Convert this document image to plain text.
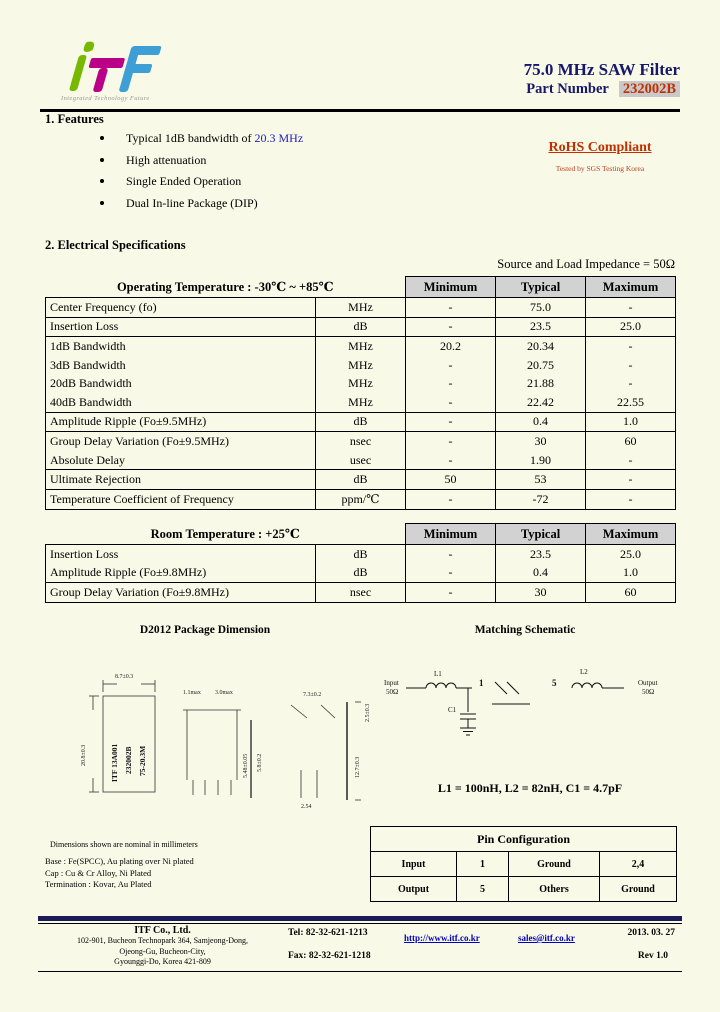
Integrated Technology Future
75.0 MHz SAW Filter
Part Number 232002B
1. Features
Typical 1dB bandwidth of 20.3 MHz
High attenuation
Single Ended Operation
Dual In-line Package (DIP)
RoHS Compliant
Tested by SGS Testing Korea
2. Electrical Specifications
Source and Load Impedance = 50Ω
Operating Temperature : -30℃ ~ +85℃		Minimum	Typical	Maximum
Center Frequency (fo)	MHz	-	75.0	-
Insertion Loss	dB	-	23.5	25.0
1dB Bandwidth	MHz	20.2	20.34	-
3dB Bandwidth	MHz	-	20.75	-
20dB Bandwidth	MHz	-	21.88	-
40dB Bandwidth	MHz	-	22.42	22.55
Amplitude Ripple (Fo±9.5MHz)	dB	-	0.4	1.0
Group Delay Variation (Fo±9.5MHz)	nsec	-	30	60
Absolute Delay	usec	-	1.90	-
Ultimate Rejection	dB	50	53	-
Temperature Coefficient of Frequency	ppm/℃	-	-72	-
Room Temperature : +25℃		Minimum	Typical	Maximum
Insertion Loss	dB	-	23.5	25.0
Amplitude Ripple (Fo±9.8MHz)	dB	-	0.4	1.0
Group Delay Variation (Fo±9.8MHz)	nsec	-	30	60
D2012 Package Dimension	Matching Schematic
ITF 13A001 232002B 75-20.3M
8.7±0.3
20.8±0.3
1.1max 3.0max
5.48±0.05 5.8±0.2
7.3±0.2
2.5±0.3
12.7±0.3
2.54
Input
50Ω
L1
1	5
L2
C1
Output
50Ω
L1 = 100nH, L2 = 82nH, C1 = 4.7pF
Pin Configuration			
Input	1	Ground	2,4
Output	5	Others	Ground
Dimensions shown are nominal in millimeters
Base : Fe(SPCC), Au plating over Ni plated
Cap : Cu & Cr Alloy, Ni Plated
Termination : Kovar, Au Plated
ITF Co., Ltd.
102-901, Bucheon Technopark 364, Samjeong-Dong,
Ojeong-Gu, Bucheon-City,
Gyounggi-Do, Korea 421-809
Tel: 82-32-621-1213
Fax: 82-32-621-1218
http://www.itf.co.kr	sales@itf.co.kr	2013. 03. 27
Rev 1.0
